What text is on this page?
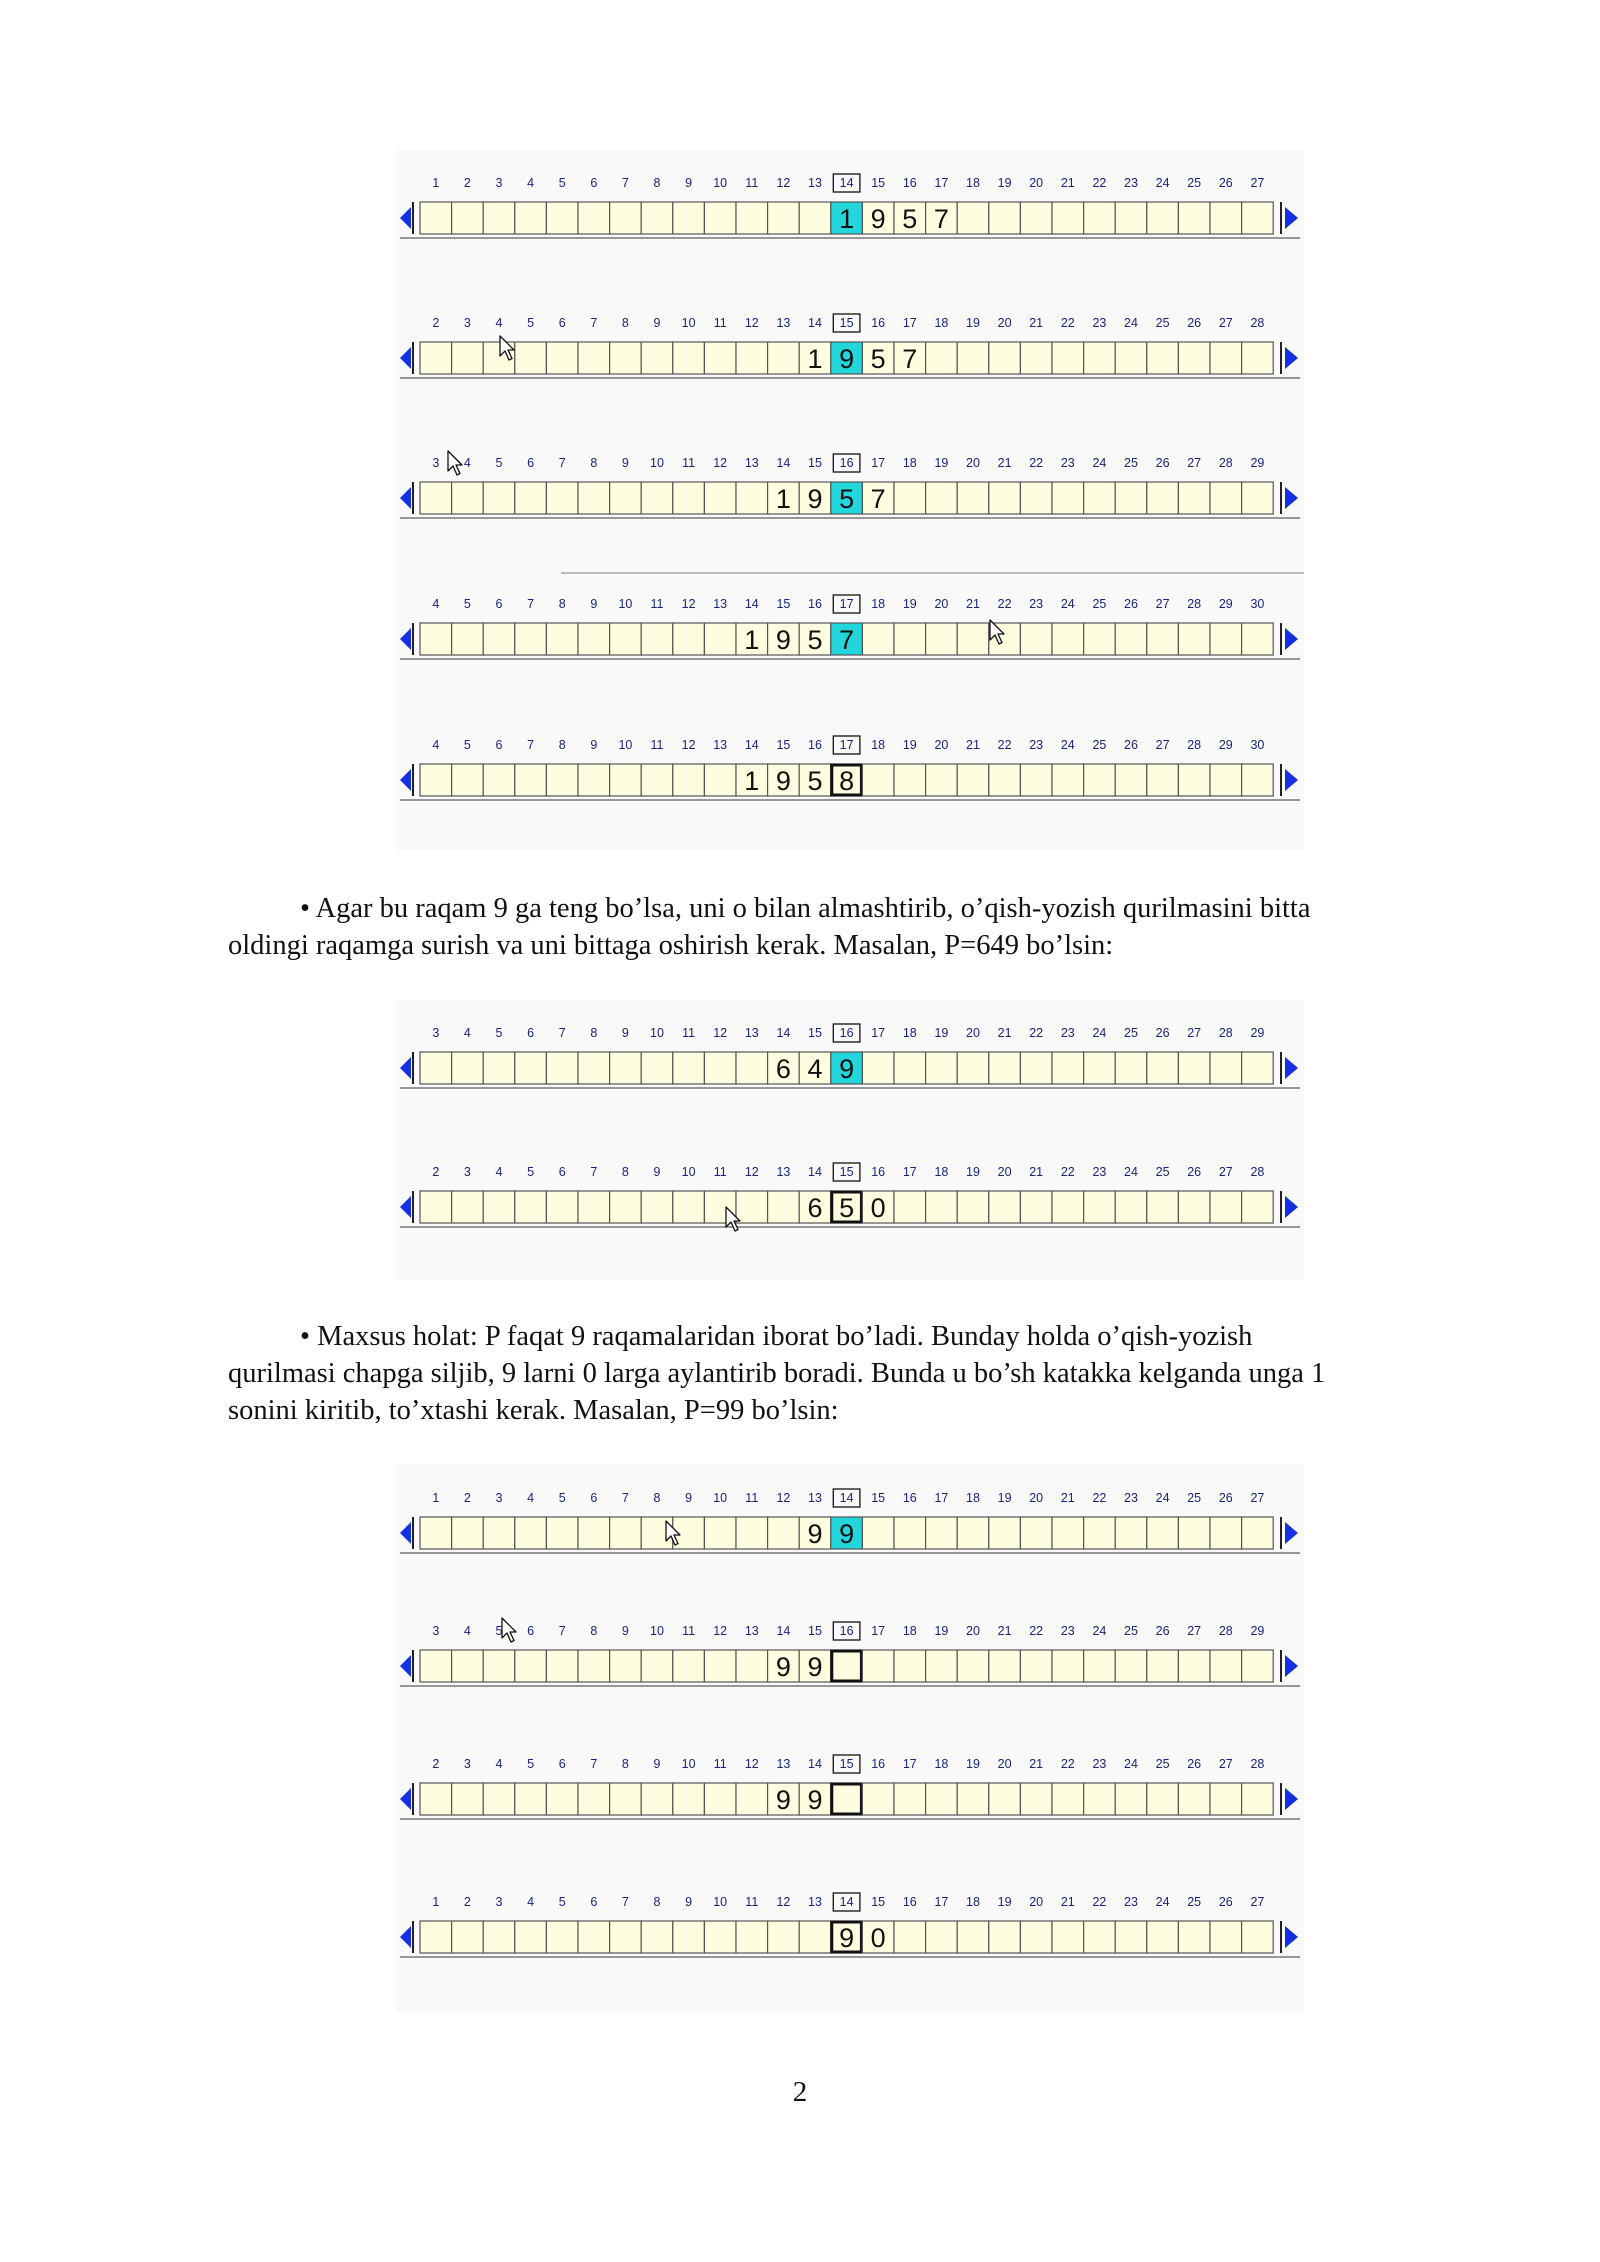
1 2 3 4 5 6 7 8 9 10 11 12 13 14
1
15
9
16
5
17
7
18 19 20 21 22 23 24 25 26 27
2 3 4 5 6 7 8 9 10 11 12 13 14
1
15
9
16
5
17
7
18 19 20 21 22 23 24 25 26 27 28
3 4 5 6 7 8 9 10 11 12 13 14
1
15
9
16
5
17
7
18 19 20 21 22 23 24 25 26 27 28 29
4 5 6 7 8 9 10 11 12 13 14
1
15
9
16
5
17
7
18 19 20 21 22 23 24 25 26 27 28 29 30
4 5 6 7 8 9 10 11 12 13 14
1
15
9
16
5
17
8
18 19 20 21 22 23 24 25 26 27 28 29 30

• Agar bu raqam 9 ga teng bo’lsa, uni o bilan almashtirib, o’qish-yozish qurilmasini bitta
oldingi raqamga surish va uni bittaga oshirish kerak. Masalan, P=649 bo’lsin:

3 4 5 6 7 8 9 10 11 12 13 14
6
15
4
16
9
17 18 19 20 21 22 23 24 25 26 27 28 29
2 3 4 5 6 7 8 9 10 11 12 13 14
6
15
5
16
0
17 18 19 20 21 22 23 24 25 26 27 28

• Maxsus holat: P faqat 9 raqamalaridan iborat bo’ladi. Bunday holda o’qish-yozish
qurilmasi chapga siljib, 9 larni 0 larga aylantirib boradi. Bunda u bo’sh katakka kelganda unga 1
sonini kiritib, to’xtashi kerak. Masalan, P=99 bo’lsin:

1 2 3 4 5 6 7 8 9 10 11 12 13
9
14
9
15 16 17 18 19 20 21 22 23 24 25 26 27
3 4 5 6 7 8 9 10 11 12 13 14
9
15
9
16 17 18 19 20 21 22 23 24 25 26 27 28 29
2 3 4 5 6 7 8 9 10 11 12 13
9
14
9
15 16 17 18 19 20 21 22 23 24 25 26 27 28
1 2 3 4 5 6 7 8 9 10 11 12 13 14
9
15
0
16 17 18 19 20 21 22 23 24 25 26 27
2
